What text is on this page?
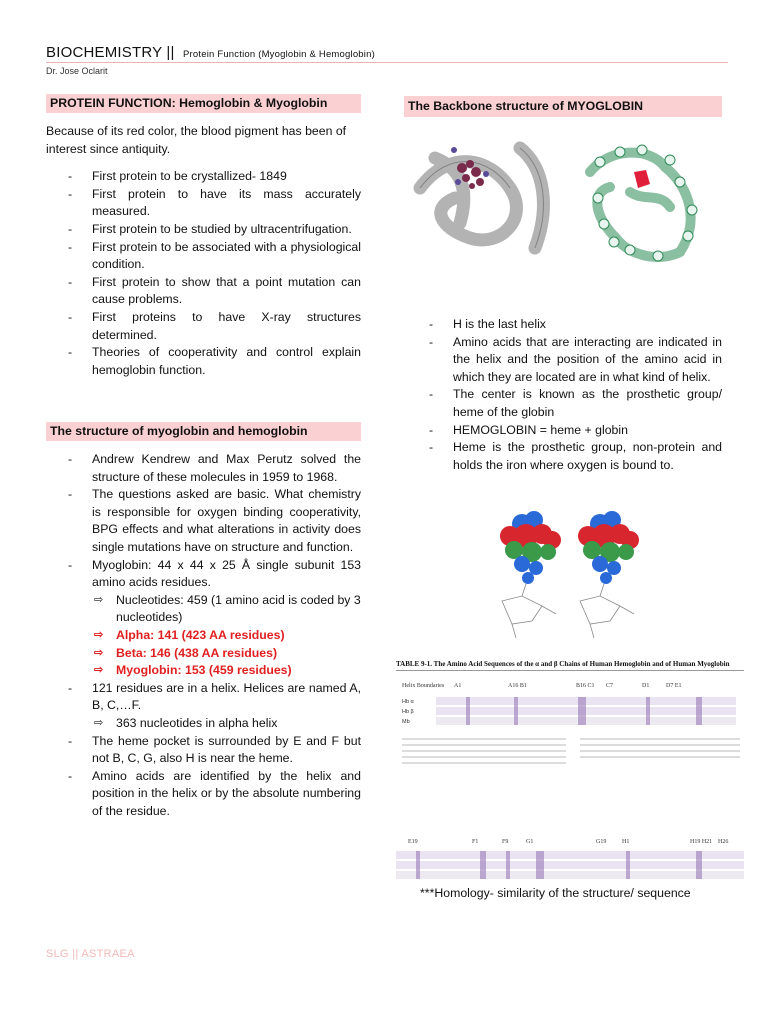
BIOCHEMISTRY || Protein Function (Myoglobin & Hemoglobin)
Dr. Jose Oclarit
PROTEIN FUNCTION: Hemoglobin & Myoglobin

Because of its red color, the blood pigment has been of interest since antiquity.

- First protein to be crystallized- 1849
- First protein to have its mass accurately measured.
- First protein to be studied by ultracentrifugation.
- First protein to be associated with a physiological condition.
- First protein to show that a point mutation can cause problems.
- First proteins to have X-ray structures determined.
- Theories of cooperativity and control explain hemoglobin function.
The structure of myoglobin and hemoglobin
- Andrew Kendrew and Max Perutz solved the structure of these molecules in 1959 to 1968.
- The questions asked are basic. What chemistry is responsible for oxygen binding cooperativity, BPG effects and what alterations in activity does single mutations have on structure and function.
- Myoglobin: 44 x 44 x 25 Å single subunit 153 amino acids residues.
⇨ Nucleotides: 459 (1 amino acid is coded by 3 nucleotides)
⇨ Alpha: 141 (423 AA residues)
⇨ Beta: 146 (438 AA residues)
⇨ Myoglobin: 153 (459 residues)
- 121 residues are in a helix. Helices are named A, B, C,…F.
⇨ 363 nucleotides in alpha helix
- The heme pocket is surrounded by E and F but not B, C, G, also H is near the heme.
- Amino acids are identified by the helix and position in the helix or by the absolute numbering of the residue.
The Backbone structure of MYOGLOBIN
- H is the last helix
- Amino acids that are interacting are indicated in the helix and the position of the amino acid in which they are located are in what kind of helix.
- The center is known as the prosthetic group/ heme of the globin
- HEMOGLOBIN = heme + globin
- Heme is the prosthetic group, non-protein and holds the iron where oxygen is bound to.
TABLE 9-1. The Amino Acid Sequences of the α and β Chains of Human Hemoglobin and of Human Myoglobin
Helix Boundaries A1	A16 B1	B16 C1 C7	D1	D7 E1
Hb α
Hb β
Mb
E19	F1	F9	G1	G19	H1	H19 H21 H26
***Homology- similarity of the structure/ sequence
SLG || ASTRAEA
